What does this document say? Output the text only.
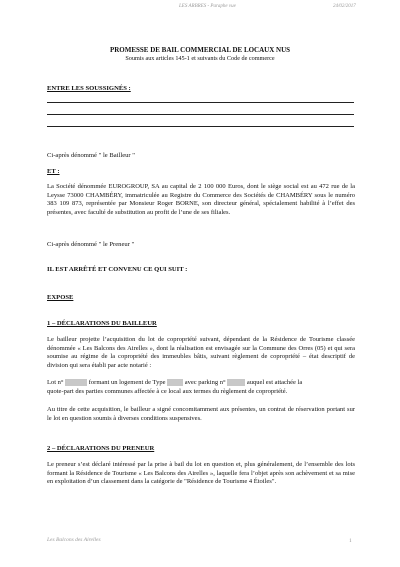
LES ARBRES - Paraphe vue	24/02/2017
PROMESSE DE BAIL COMMERCIAL DE LOCAUX NUS
Soumis aux articles 145-1 et suivants du Code de commerce
ENTRE LES SOUSSIGNÉS :
Ci-après dénommé " le Bailleur "
ET :
La Société dénommée EUROGROUP, SA au capital de 2 100 000 Euros, dont le siège social est au 472 rue de la Leysse 73000 CHAMBÉRY, immatriculée au Registre du Commerce des Sociétés de CHAMBÉRY sous le numéro 383 109 873, représentée par Monsieur Roger BORNE, son directeur général, spécialement habilité à l’effet des présentes, avec faculté de substitution au profit de l’une de ses filiales.
Ci-après dénommé " le Preneur "
IL EST ARRÊTÉ ET CONVENU CE QUI SUIT :
EXPOSE
1 – DÉCLARATIONS DU BAILLEUR
Le bailleur projette l’acquisition du lot de copropriété suivant, dépendant de la Résidence de Tourisme classée dénommée « Les Balcons des Airelles », dont la réalisation est envisagée sur la Commune des Orres (05) et qui sera soumise au régime de la copropriété des immeubles bâtis, suivant règlement de copropriété – état descriptif de division qui sera établi par acte notarié :
Lot n°	formant un logement de Type	avec parking n°	auquel est attachée la
quote-part des parties communes affectée à ce local aux termes du règlement de copropriété.
Au titre de cette acquisition, le bailleur a signé concomitamment aux présentes, un contrat de réservation portant sur le lot en question soumis à diverses conditions suspensives.
2 – DÉCLARATIONS DU PRENEUR
Le preneur s’est déclaré intéressé par la prise à bail du lot en question et, plus généralement, de l’ensemble des lots formant la Résidence de Tourisme « Les Balcons des Airelles », laquelle fera l’objet après son achèvement et sa mise en exploitation d’un classement dans la catégorie de "Résidence de Tourisme 4 Étoiles".
Les Balcons des Airelles	1
